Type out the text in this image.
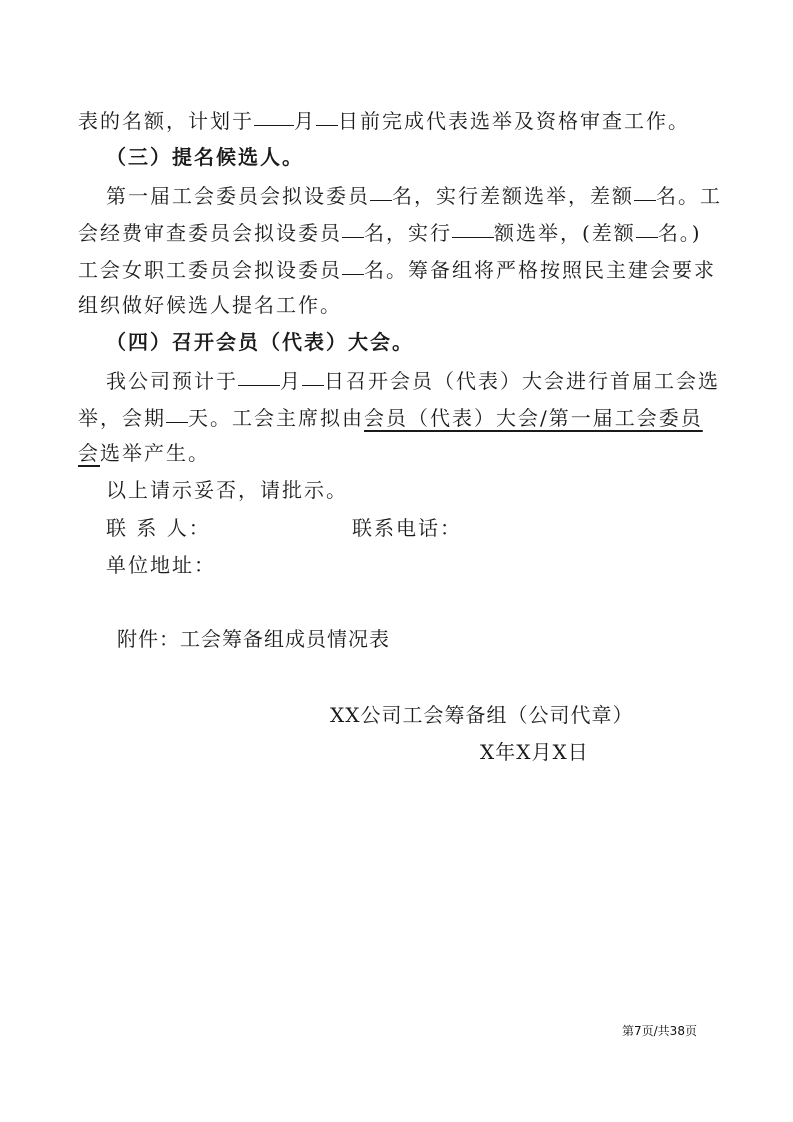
表的名额，计划于 月 日前完成代表选举及资格审查工作。
（三）提名候选人。
第一届工会委员会拟设委员 名，实行差额选举，差额 名。工
会经费审查委员会拟设委员 名，实行 额选举，(差额 名。)
工会女职工委员会拟设委员 名。筹备组将严格按照民主建会要求
组织做好候选人提名工作。
（四）召开会员（代表）大会。
我公司预计于 月 日召开会员（代表）大会进行首届工会选
举，会期 天。工会主席拟由会员（代表）大会/第一届工会委员
会选举产生。
以上请示妥否，请批示。
联 系 人：	联系电话：
单位地址：
附件：工会筹备组成员情况表
XX公司工会筹备组（公司代章）
X年X月X日
第7页/共38页
